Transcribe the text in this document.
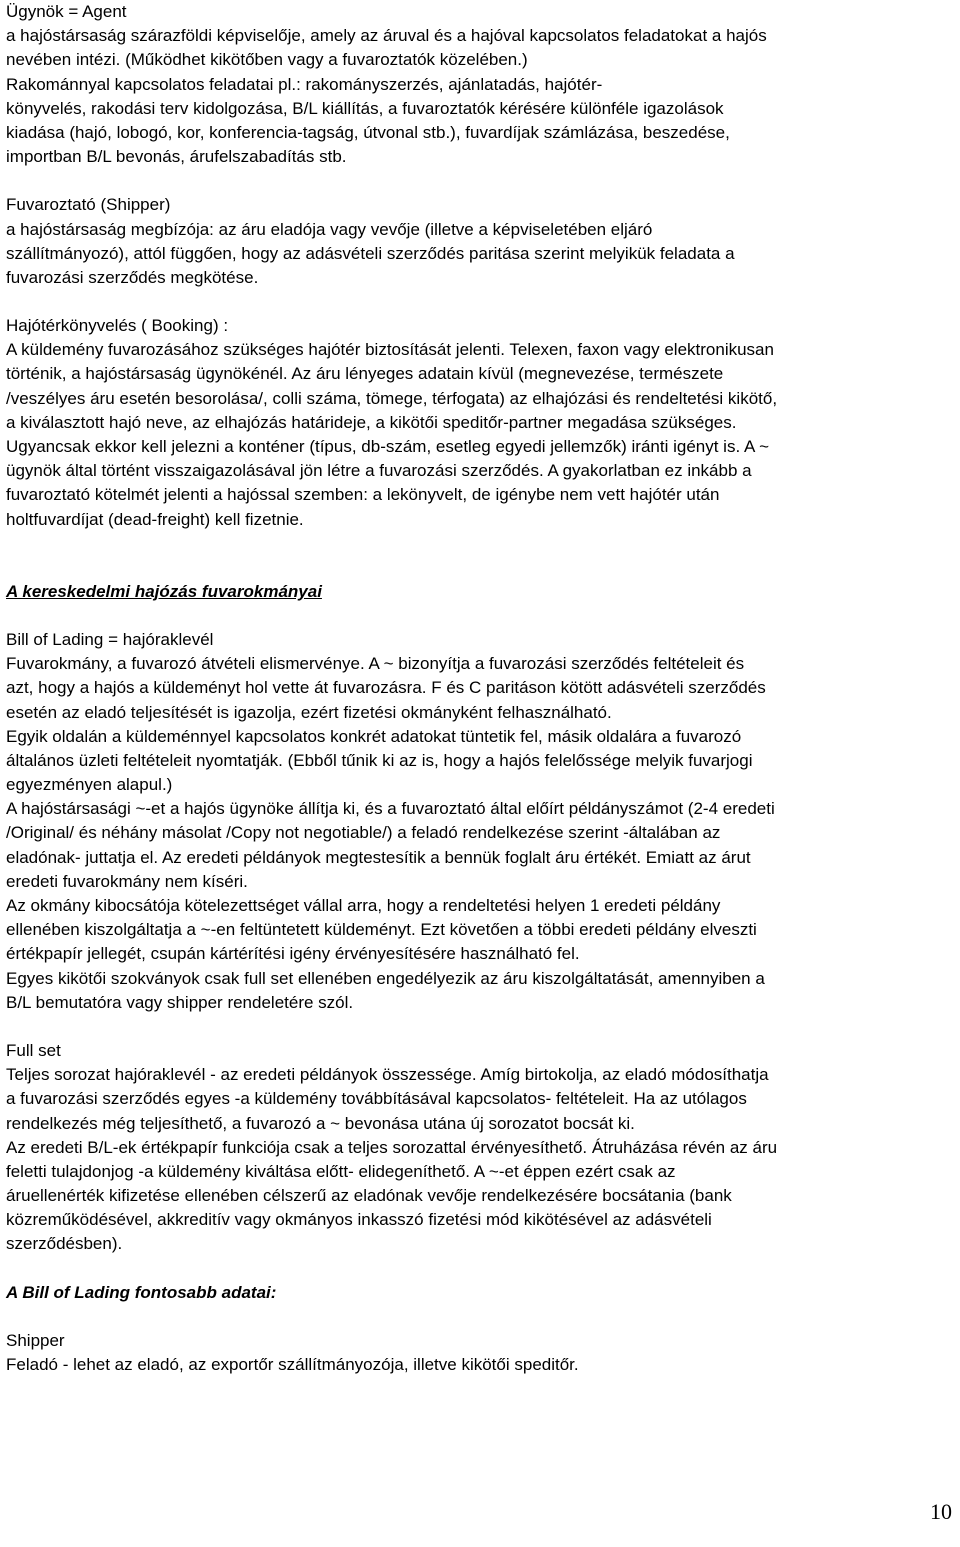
Ügynök = Agent
a hajóstársaság szárazföldi képviselője, amely az áruval és a hajóval kapcsolatos feladatokat a hajós
nevében intézi. (Működhet kikötőben vagy a fuvaroztatók közelében.)
Rakománnyal kapcsolatos feladatai pl.: rakományszerzés, ajánlatadás, hajótér-
könyvelés, rakodási terv kidolgozása, B/L kiállítás, a fuvaroztatók kérésére különféle igazolások
kiadása (hajó, lobogó, kor, konferencia-tagság, útvonal stb.), fuvardíjak számlázása, beszedése,
importban B/L bevonás, árufelszabadítás stb.
Fuvaroztató (Shipper)
a hajóstársaság megbízója: az áru eladója vagy vevője (illetve a képviseletében eljáró
szállítmányozó), attól függően, hogy az adásvételi szerződés paritása szerint melyikük feladata a
fuvarozási szerződés megkötése.
Hajótérkönyvelés ( Booking) :
A küldemény fuvarozásához szükséges hajótér biztosítását jelenti. Telexen, faxon vagy elektronikusan
történik, a hajóstársaság ügynökénél. Az áru lényeges adatain kívül (megnevezése, természete
/veszélyes áru esetén besorolása/, colli száma, tömege, térfogata) az elhajózási és rendeltetési kikötő,
a kiválasztott hajó neve, az elhajózás határideje, a kikötői speditőr-partner megadása szükséges.
Ugyancsak ekkor kell jelezni a konténer (típus, db-szám, esetleg egyedi jellemzők) iránti igényt is. A ~
ügynök által történt visszaigazolásával jön létre a fuvarozási szerződés. A gyakorlatban ez inkább a
fuvaroztató kötelmét jelenti a hajóssal szemben: a lekönyvelt, de igénybe nem vett hajótér után
holtfuvardíjat (dead-freight) kell fizetnie.
A kereskedelmi hajózás fuvarokmányai
Bill of Lading = hajóraklevél
Fuvarokmány, a fuvarozó átvételi elismervénye. A ~ bizonyítja a fuvarozási szerződés feltételeit és
azt, hogy a hajós a küldeményt hol vette át fuvarozásra. F és C paritáson kötött adásvételi szerződés
esetén az eladó teljesítését is igazolja, ezért fizetési okmányként felhasználható.
Egyik oldalán a küldeménnyel kapcsolatos konkrét adatokat tüntetik fel, másik oldalára a fuvarozó
általános üzleti feltételeit nyomtatják. (Ebből tűnik ki az is, hogy a hajós felelőssége melyik fuvarjogi
egyezményen alapul.)
A hajóstársasági ~-et a hajós ügynöke állítja ki, és a fuvaroztató által előírt példányszámot (2-4 eredeti
/Original/ és néhány másolat /Copy not negotiable/) a feladó rendelkezése szerint -általában az
eladónak- juttatja el. Az eredeti példányok megtestesítik a bennük foglalt áru értékét. Emiatt az árut
eredeti fuvarokmány nem kíséri.
Az okmány kibocsátója kötelezettséget vállal arra, hogy a rendeltetési helyen 1 eredeti példány
ellenében kiszolgáltatja a ~-en feltüntetett küldeményt. Ezt követően a többi eredeti példány elveszti
értékpapír jellegét, csupán kártérítési igény érvényesítésére használható fel.
Egyes kikötői szokványok csak full set ellenében engedélyezik az áru kiszolgáltatását, amennyiben a
B/L bemutatóra vagy shipper rendeletére szól.
Full set
Teljes sorozat hajóraklevél - az eredeti példányok összessége. Amíg birtokolja, az eladó módosíthatja
a fuvarozási szerződés egyes -a küldemény továbbításával kapcsolatos- feltételeit. Ha az utólagos
rendelkezés még teljesíthető, a fuvarozó a ~ bevonása utána új sorozatot bocsát ki.
Az eredeti B/L-ek értékpapír funkciója csak a teljes sorozattal érvényesíthető. Átruházása révén az áru
feletti tulajdonjog -a küldemény kiváltása előtt- elidegeníthető. A ~-et éppen ezért csak az
áruellenérték kifizetése ellenében célszerű az eladónak vevője rendelkezésére bocsátania (bank
közreműködésével, akkreditív vagy okmányos inkasszó fizetési mód kikötésével az adásvételi
szerződésben).
A Bill of Lading fontosabb adatai:
Shipper
Feladó - lehet az eladó, az exportőr szállítmányozója, illetve kikötői speditőr.
10
